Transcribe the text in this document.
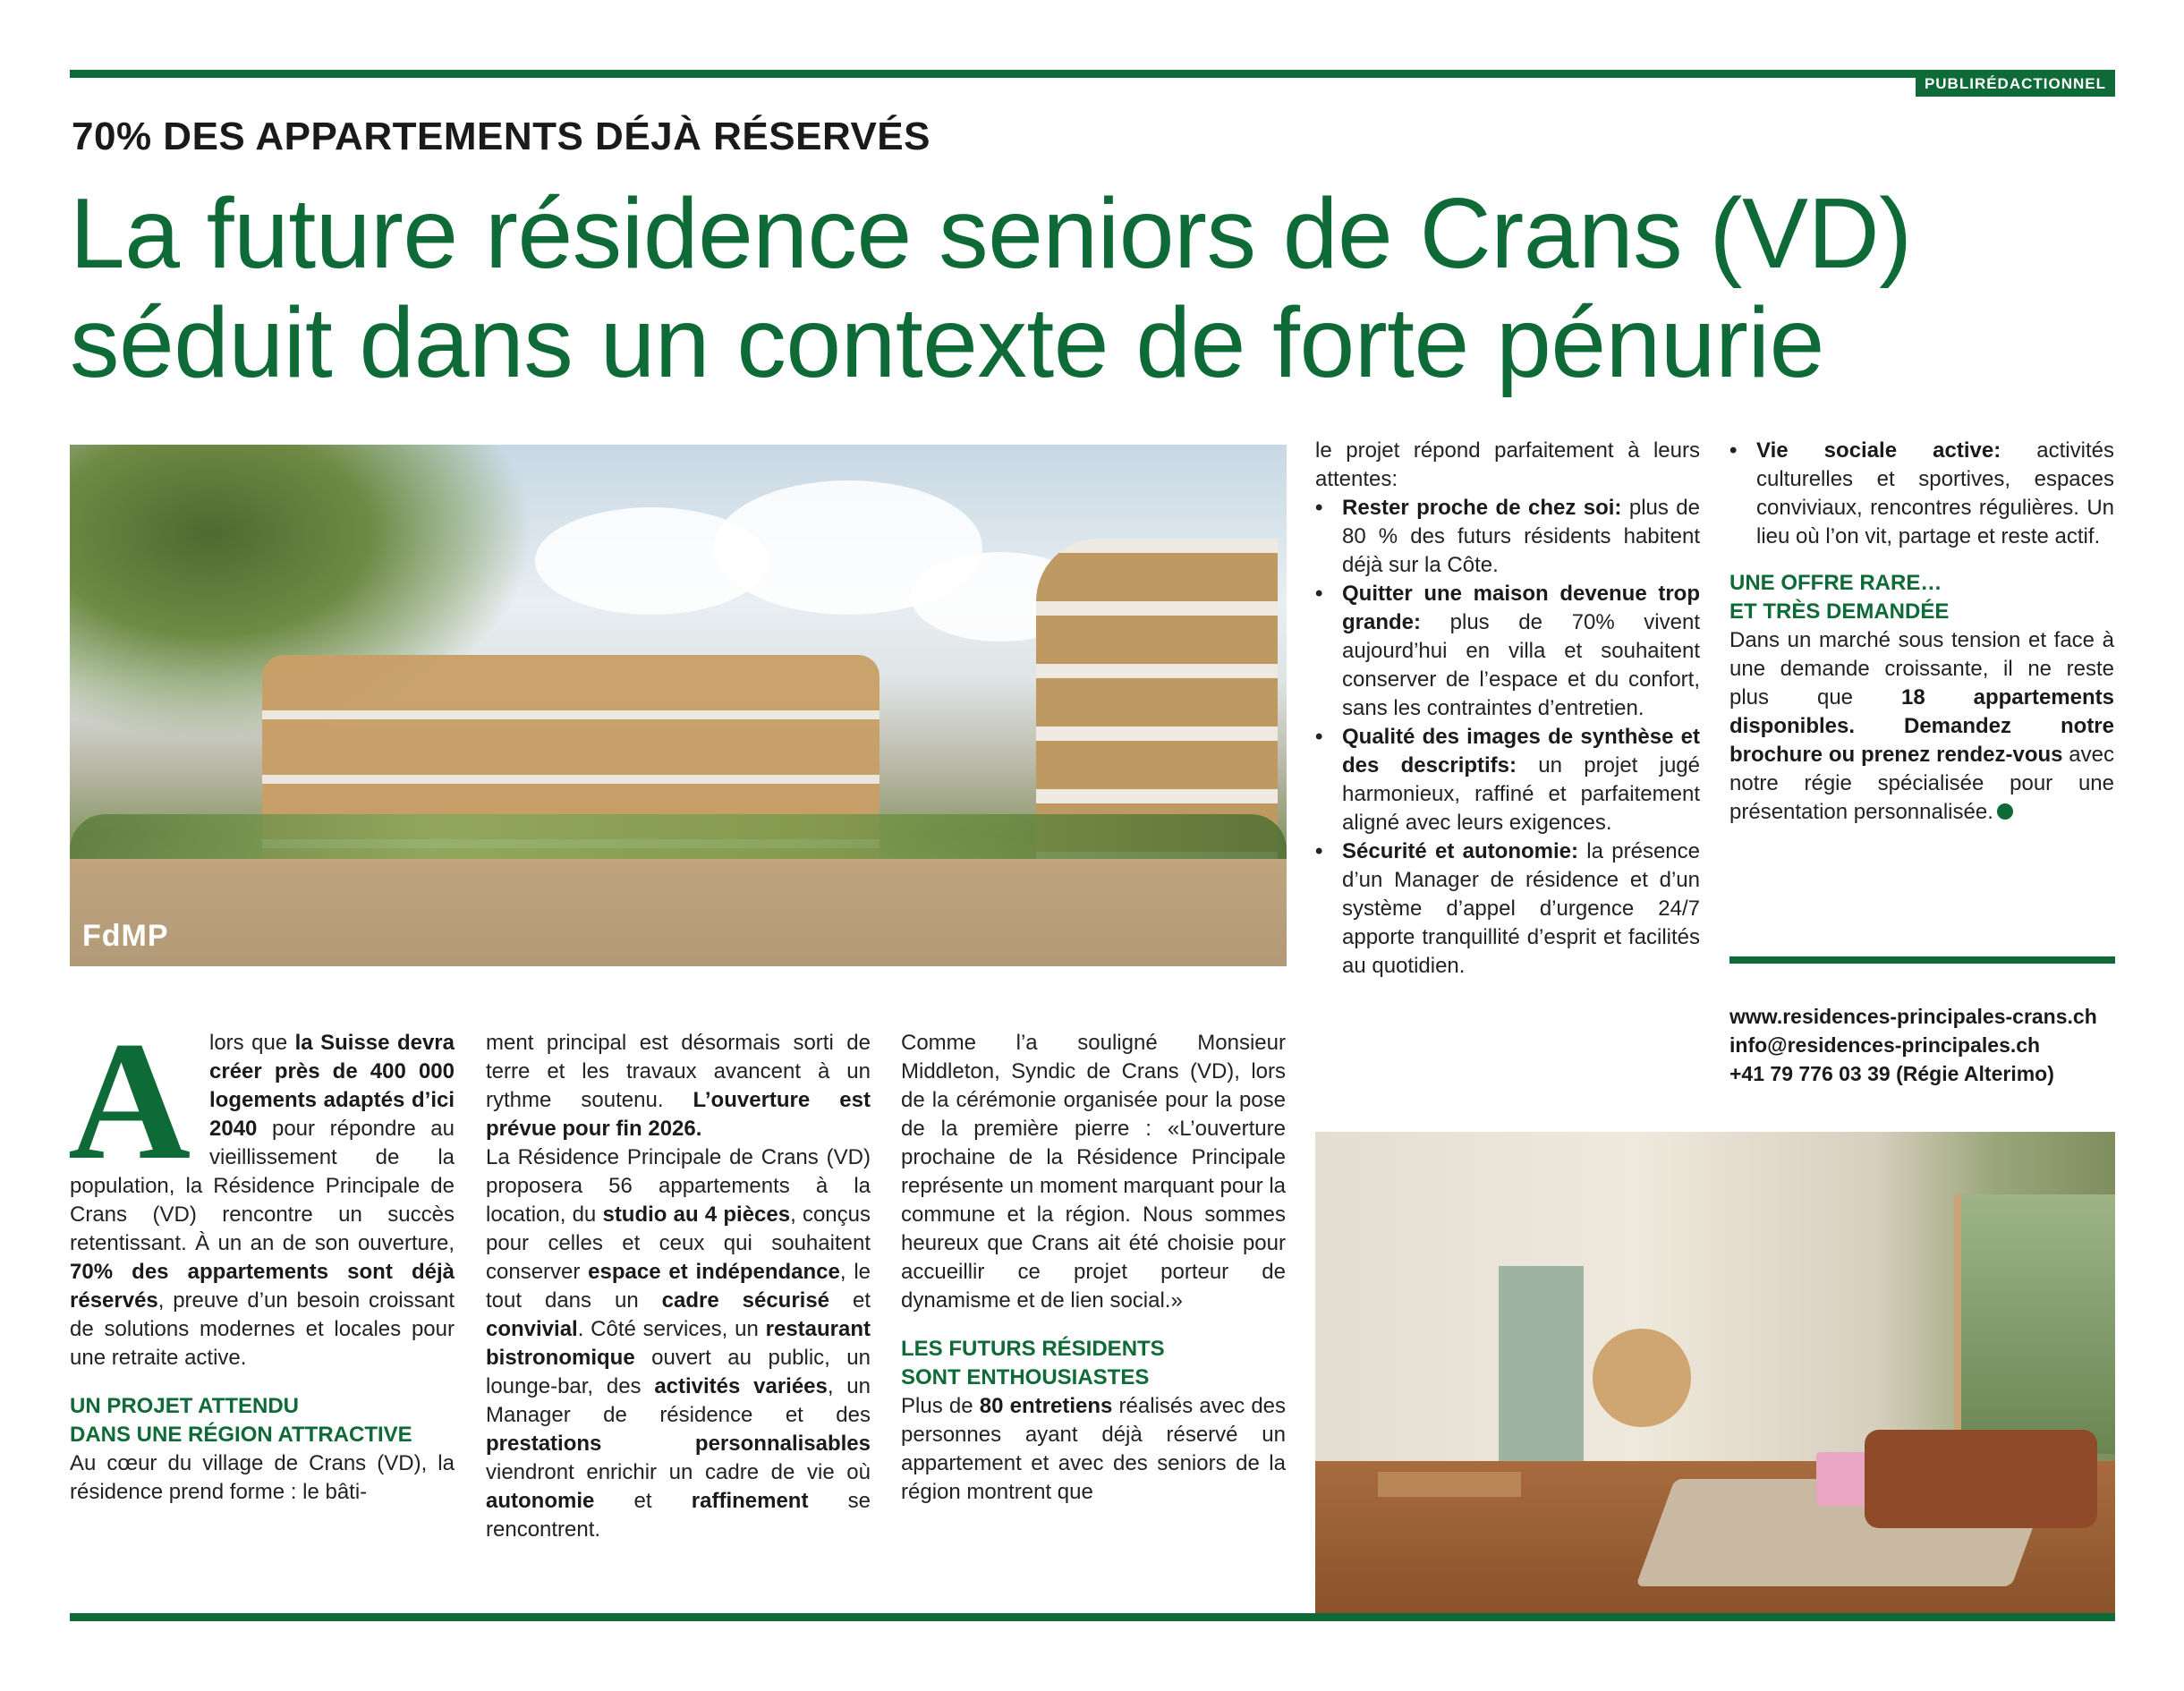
PUBLIRÉDACTIONNEL
70% DES APPARTEMENTS DÉJÀ RÉSERVÉS
La future résidence seniors de Crans (VD)
séduit dans un contexte de forte pénurie
FdMP

A lors que la Suisse devra créer près de 400 000 logements adaptés d’ici 2040 pour répondre au vieillissement de la population, la Résidence Principale de Crans (VD) rencontre un succès retentissant. À un an de son ouverture, 70% des appartements sont déjà réservés, preuve d’un besoin croissant de solutions modernes et locales pour une retraite active.

UN PROJET ATTENDU
DANS UNE RÉGION ATTRACTIVE

Au cœur du village de Crans (VD), la résidence prend forme : le bâti-

ment principal est désormais sorti de terre et les travaux avancent à un rythme soutenu. L’ouverture est prévue pour fin 2026.

La Résidence Principale de Crans (VD) proposera 56 appartements à la location, du studio au 4 pièces, conçus pour celles et ceux qui souhaitent conserver espace et indépendance, le tout dans un cadre sécurisé et convivial. Côté services, un restaurant bistronomique ouvert au public, un lounge-bar, des activités variées, un Manager de résidence et des prestations personnalisables viendront enrichir un cadre de vie où autonomie et raffinement se rencontrent.

Comme l’a souligné Monsieur Middleton, Syndic de Crans (VD), lors de la cérémonie organisée pour la pose de la première pierre : «L’ouverture prochaine de la Résidence Principale représente un moment marquant pour la commune et la région. Nous sommes heureux que Crans ait été choisie pour accueillir ce projet porteur de dynamisme et de lien social.»

LES FUTURS RÉSIDENTS
SONT ENTHOUSIASTES

Plus de 80 entretiens réalisés avec des personnes ayant déjà réservé un appartement et avec des seniors de la région montrent que

le projet répond parfaitement à leurs attentes:

• Rester proche de chez soi: plus de 80 % des futurs résidents habitent déjà sur la Côte.

• Quitter une maison devenue trop grande: plus de 70% vivent aujourd’hui en villa et souhaitent conserver de l’espace et du confort, sans les contraintes d’entretien.

• Qualité des images de synthèse et des descriptifs: un projet jugé harmonieux, raffiné et parfaitement aligné avec leurs exigences.

• Sécurité et autonomie: la présence d’un Manager de résidence et d’un système d’appel d’urgence 24/7 apporte tranquillité d’esprit et facilités au quotidien.

• Vie sociale active: activités culturelles et sportives, espaces conviviaux, rencontres régulières. Un lieu où l’on vit, partage et reste actif.

UNE OFFRE RARE…
ET TRÈS DEMANDÉE

Dans un marché sous tension et face à une demande croissante, il ne reste plus que 18 appartements disponibles. Demandez notre brochure ou prenez rendez-vous avec notre régie spécialisée pour une présentation personnalisée.

www.residences-principales-crans.ch
info@residences-principales.ch
+41 79 776 03 39 (Régie Alterimo)
